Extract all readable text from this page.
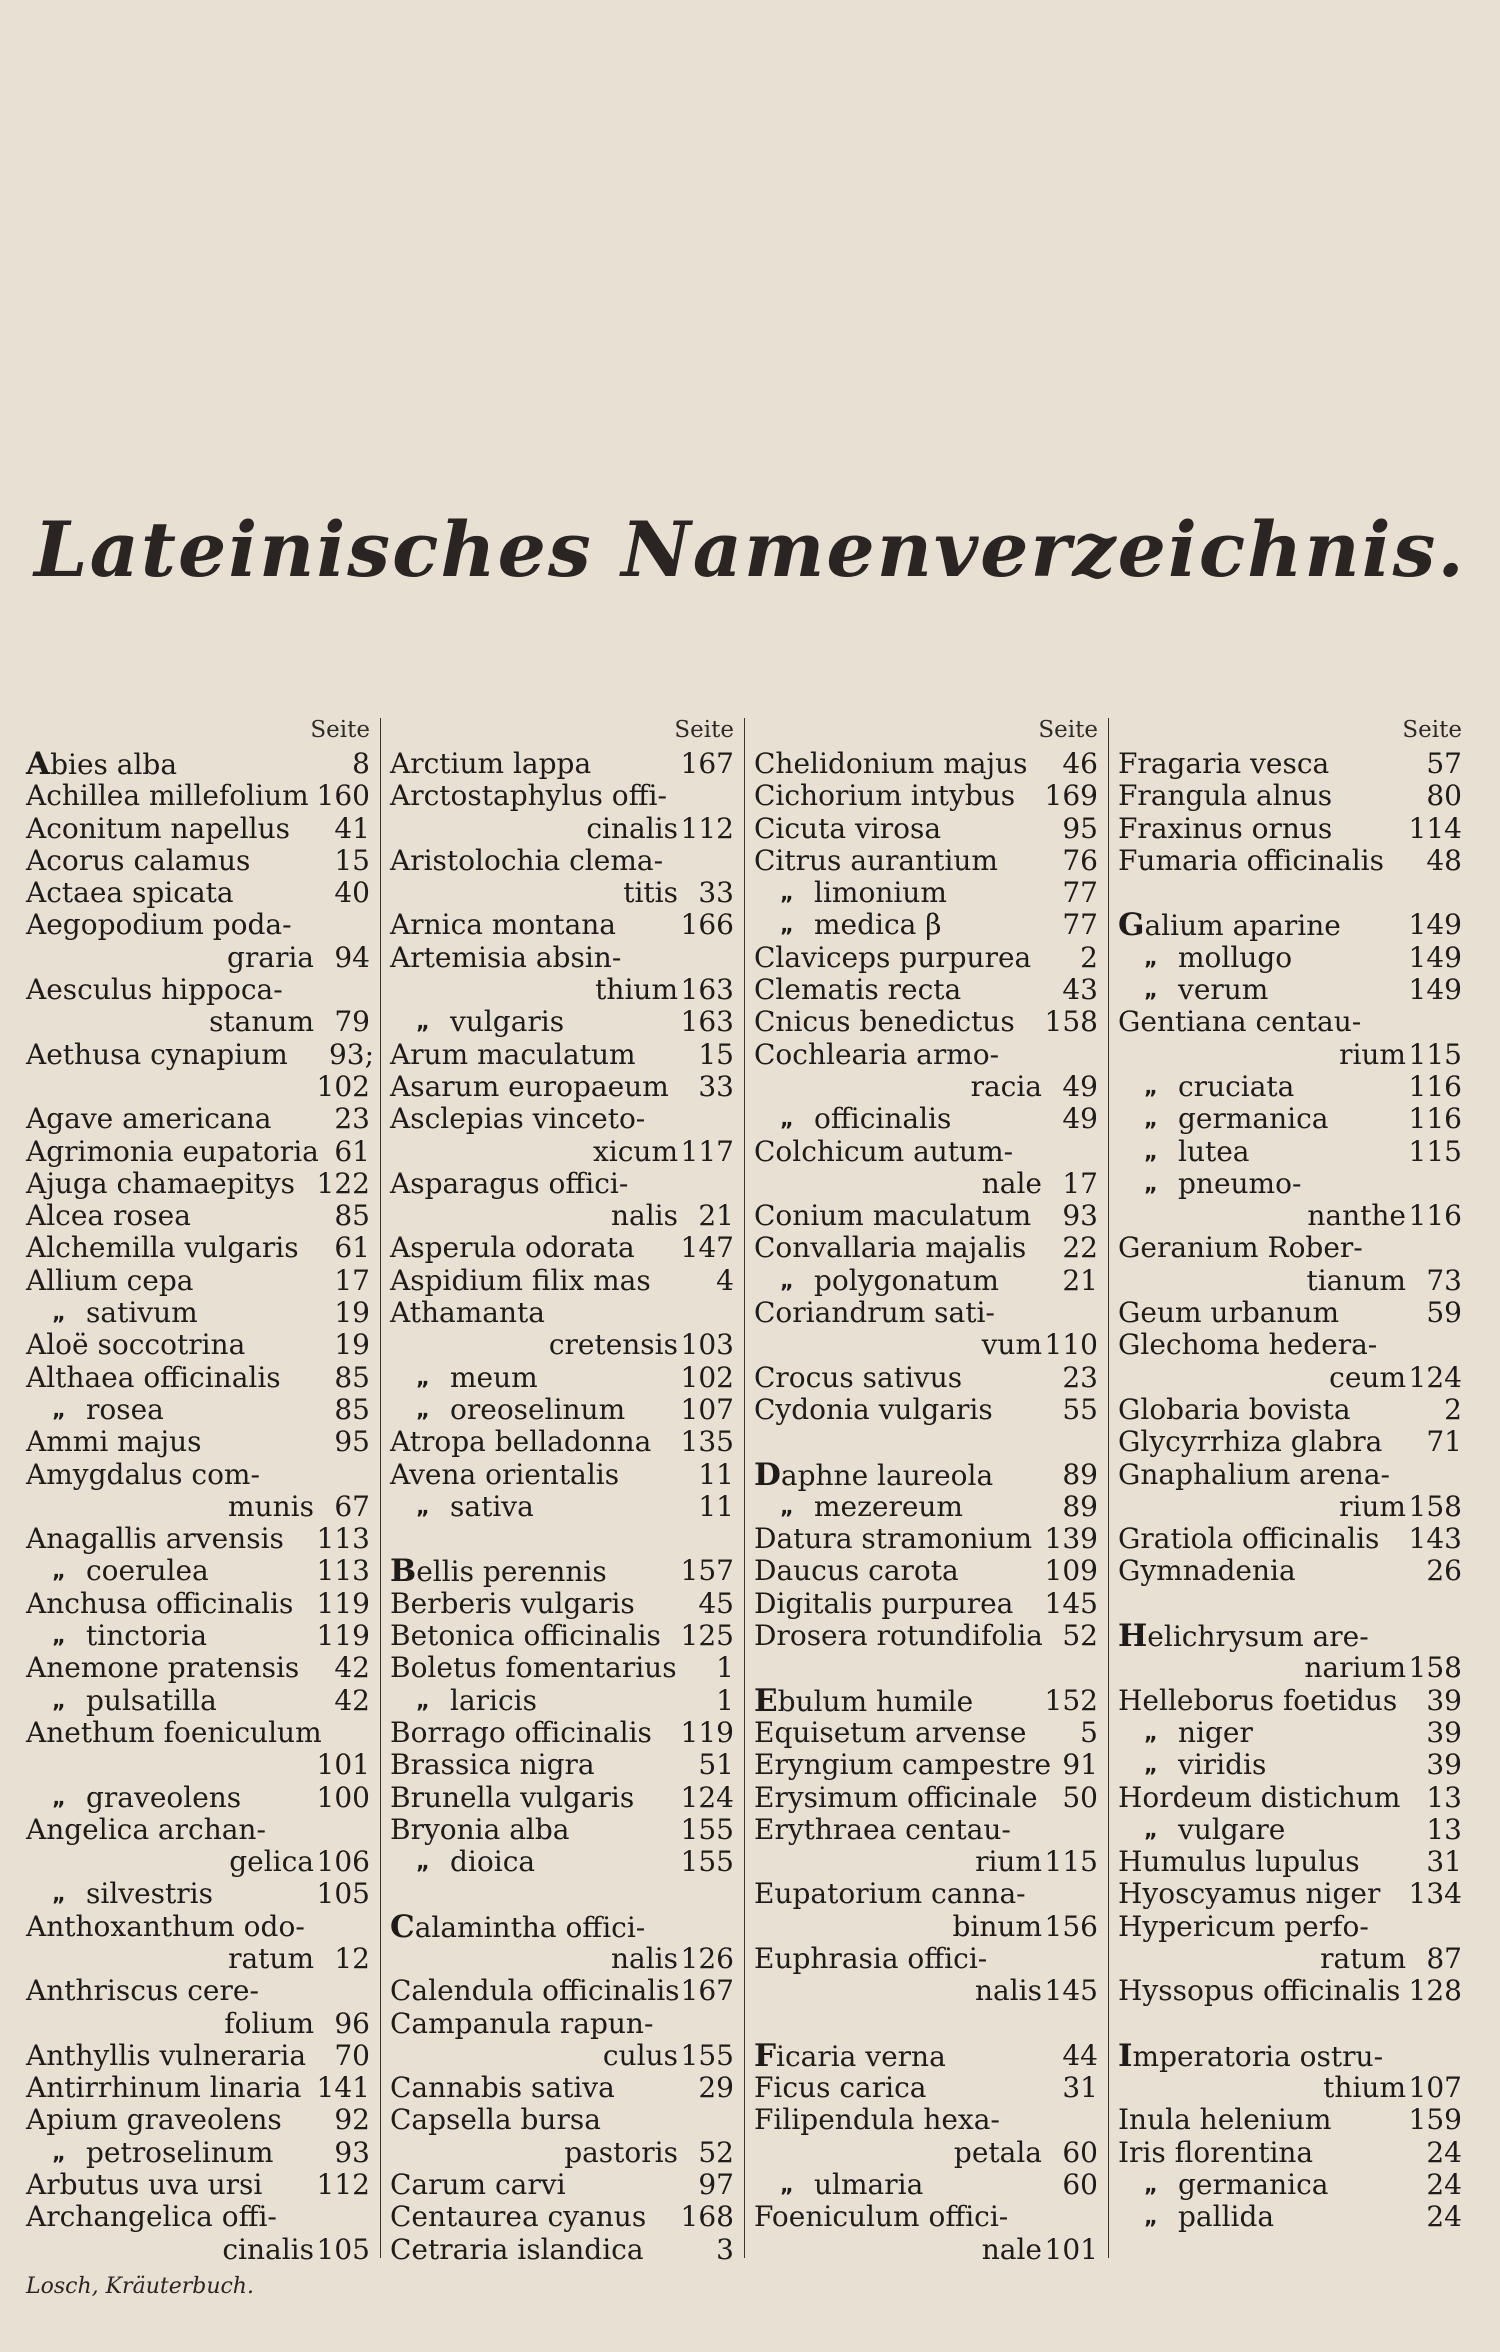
Lateinisches Namenverzeichnis.
Seite
Abies alba	8
Achillea millefolium 160
Aconitum napellus 41
Acorus calamus	15
Actaea spicata	40
Aegopodium poda-
graria 94
Aesculus hippoca-
stanum 79
Aethusa cynapium 93;
102
Agave americana 23
Agrimonia eupatoria 61
Ajuga chamaepitys 122
Alcea rosea	85
Alchemilla vulgaris 61
Allium cepa	17
„ sativum	19
Aloë soccotrina	19
Althaea officinalis 85
„ rosea	85
Ammi majus	95
Amygdalus com-
munis 67
Anagallis arvensis 113
„ coerulea	113
Anchusa officinalis 119
„ tinctoria	119
Anemone pratensis 42
„ pulsatilla	42
Anethum foeniculum
101
„ graveolens	100
Angelica archan-
gelica 106
„ silvestris	105
Anthoxanthum odo-
ratum 12
Anthriscus cere-
folium 96
Anthyllis vulneraria 70
Antirrhinum linaria 141
Apium graveolens 92
„ petroselinum 93
Arbutus uva ursi 112
Archangelica offi-
cinalis 105
Seite
Arctium lappa	167
Arctostaphylus offi-
cinalis 112
Aristolochia clema-
titis 33
Arnica montana 166
Artemisia absin-
thium 163
„ vulgaris	163
Arum maculatum 15
Asarum europaeum 33
Asclepias vinceto-
xicum 117
Asparagus offici-
nalis 21
Asperula odorata 147
Aspidium filix mas 4
Athamanta
cretensis 103
„ meum	102
„ oreoselinum 107
Atropa belladonna 135
Avena orientalis	11
„ sativa	11
Bellis perennis	157
Berberis vulgaris 45
Betonica officinalis 125
Boletus fomentarius 1
„ laricis	1
Borrago officinalis 119
Brassica nigra	51
Brunella vulgaris 124
Bryonia alba	155
„ dioica	155
Calamintha offici-
nalis 126
Calendula officinalis 167
Campanula rapun-
culus 155
Cannabis sativa	29
Capsella bursa
pastoris 52
Carum carvi	97
Centaurea cyanus 168
Cetraria islandica	3
Seite
Chelidonium majus 46
Cichorium intybus 169
Cicuta virosa	95
Citrus aurantium 76
„ limonium	77
„ medica β	77
Claviceps purpurea 2
Clematis recta	43
Cnicus benedictus 158
Cochlearia armo-
racia 49
„ officinalis	49
Colchicum autum-
nale 17
Conium maculatum 93
Convallaria majalis 22
„ polygonatum 21
Coriandrum sati-
vum 110
Crocus sativus	23
Cydonia vulgaris 55
Daphne laureola 89
„ mezereum	89
Datura stramonium 139
Daucus carota	109
Digitalis purpurea 145
Drosera rotundifolia 52
Ebulum humile	152
Equisetum arvense 5
Eryngium campestre 91
Erysimum officinale 50
Erythraea centau-
rium 115
Eupatorium canna-
binum 156
Euphrasia offici-
nalis 145
Ficaria verna	44
Ficus carica	31
Filipendula hexa-
petala 60
„ ulmaria	60
Foeniculum offici-
nale 101
Seite
Fragaria vesca	57
Frangula alnus	80
Fraxinus ornus	114
Fumaria officinalis 48
Galium aparine 149
„ mollugo	149
„ verum	149
Gentiana centau-
rium 115
„ cruciata	116
„ germanica	116
„ lutea	115
„ pneumo-
nanthe 116
Geranium Rober-
tianum 73
Geum urbanum	59
Glechoma hedera-
ceum 124
Globaria bovista	2
Glycyrrhiza glabra 71
Gnaphalium arena-
rium 158
Gratiola officinalis 143
Gymnadenia	26
Helichrysum are-
narium 158
Helleborus foetidus 39
„ niger	39
„ viridis	39
Hordeum distichum 13
„ vulgare	13
Humulus lupulus 31
Hyoscyamus niger 134
Hypericum perfo-
ratum 87
Hyssopus officinalis 128
Imperatoria ostru-
thium 107
Inula helenium	159
Iris florentina	24
„ germanica	24
„ pallida	24
Losch, Kräuterbuch.
